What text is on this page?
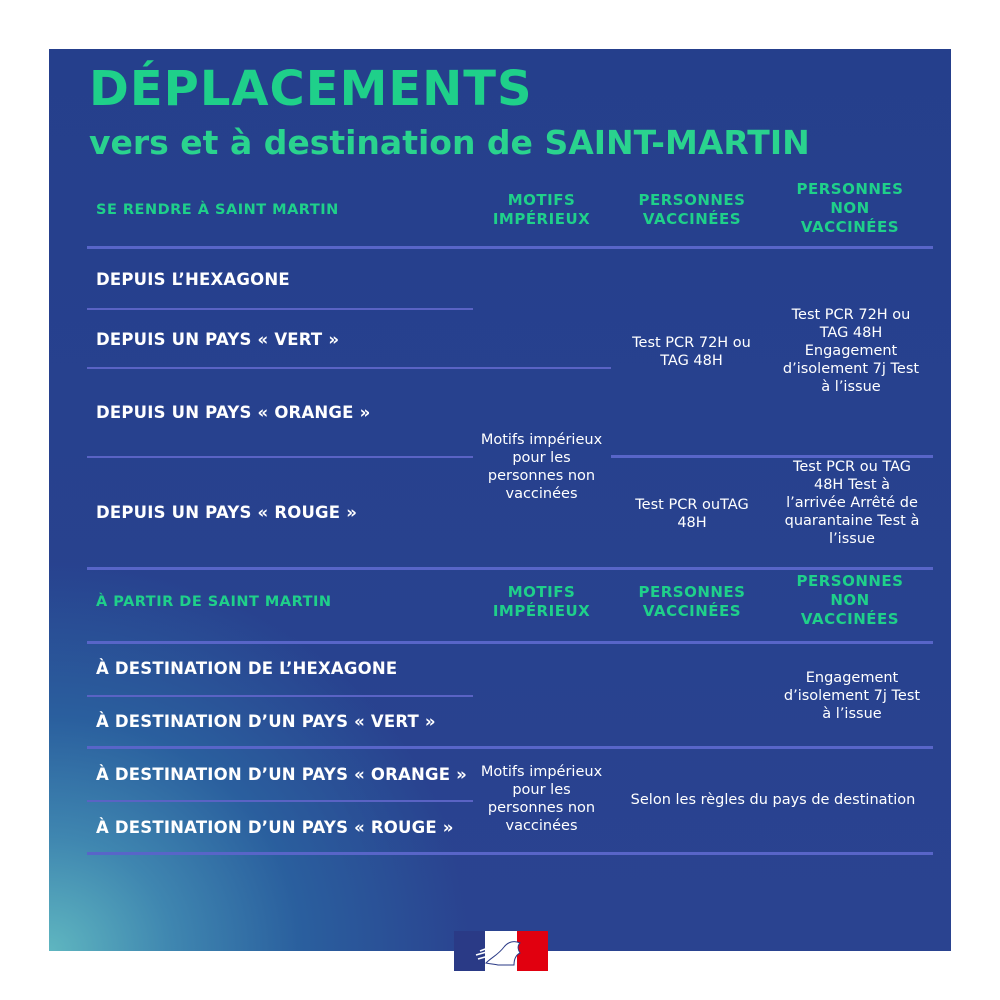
DÉPLACEMENTS
vers et à destination de SAINT-MARTIN
SE RENDRE À SAINT MARTIN
MOTIFS IMPÉRIEUX
PERSONNES VACCINÉES
PERSONNES NON VACCINÉES
DEPUIS L’HEXAGONE
DEPUIS UN PAYS « VERT »
DEPUIS UN PAYS « ORANGE »
DEPUIS UN PAYS « ROUGE »
Test PCR 72H ou TAG 48H
Test PCR 72H ou TAG 48H Engagement d’isolement 7j Test à l’issue
Motifs impérieux pour les personnes non vaccinées
Test PCR ouTAG 48H
Test PCR ou TAG 48H Test à l’arrivée Arrêté de quarantaine Test à l’issue
À PARTIR DE SAINT MARTIN
MOTIFS IMPÉRIEUX
PERSONNES VACCINÉES
PERSONNES NON VACCINÉES
À DESTINATION DE L’HEXAGONE
À DESTINATION D’UN PAYS « VERT »
À DESTINATION D’UN PAYS « ORANGE »
À DESTINATION D’UN PAYS « ROUGE »
Engagement d’isolement 7j Test à l’issue
Motifs impérieux pour les personnes non vaccinées
Selon les règles du pays de destination
